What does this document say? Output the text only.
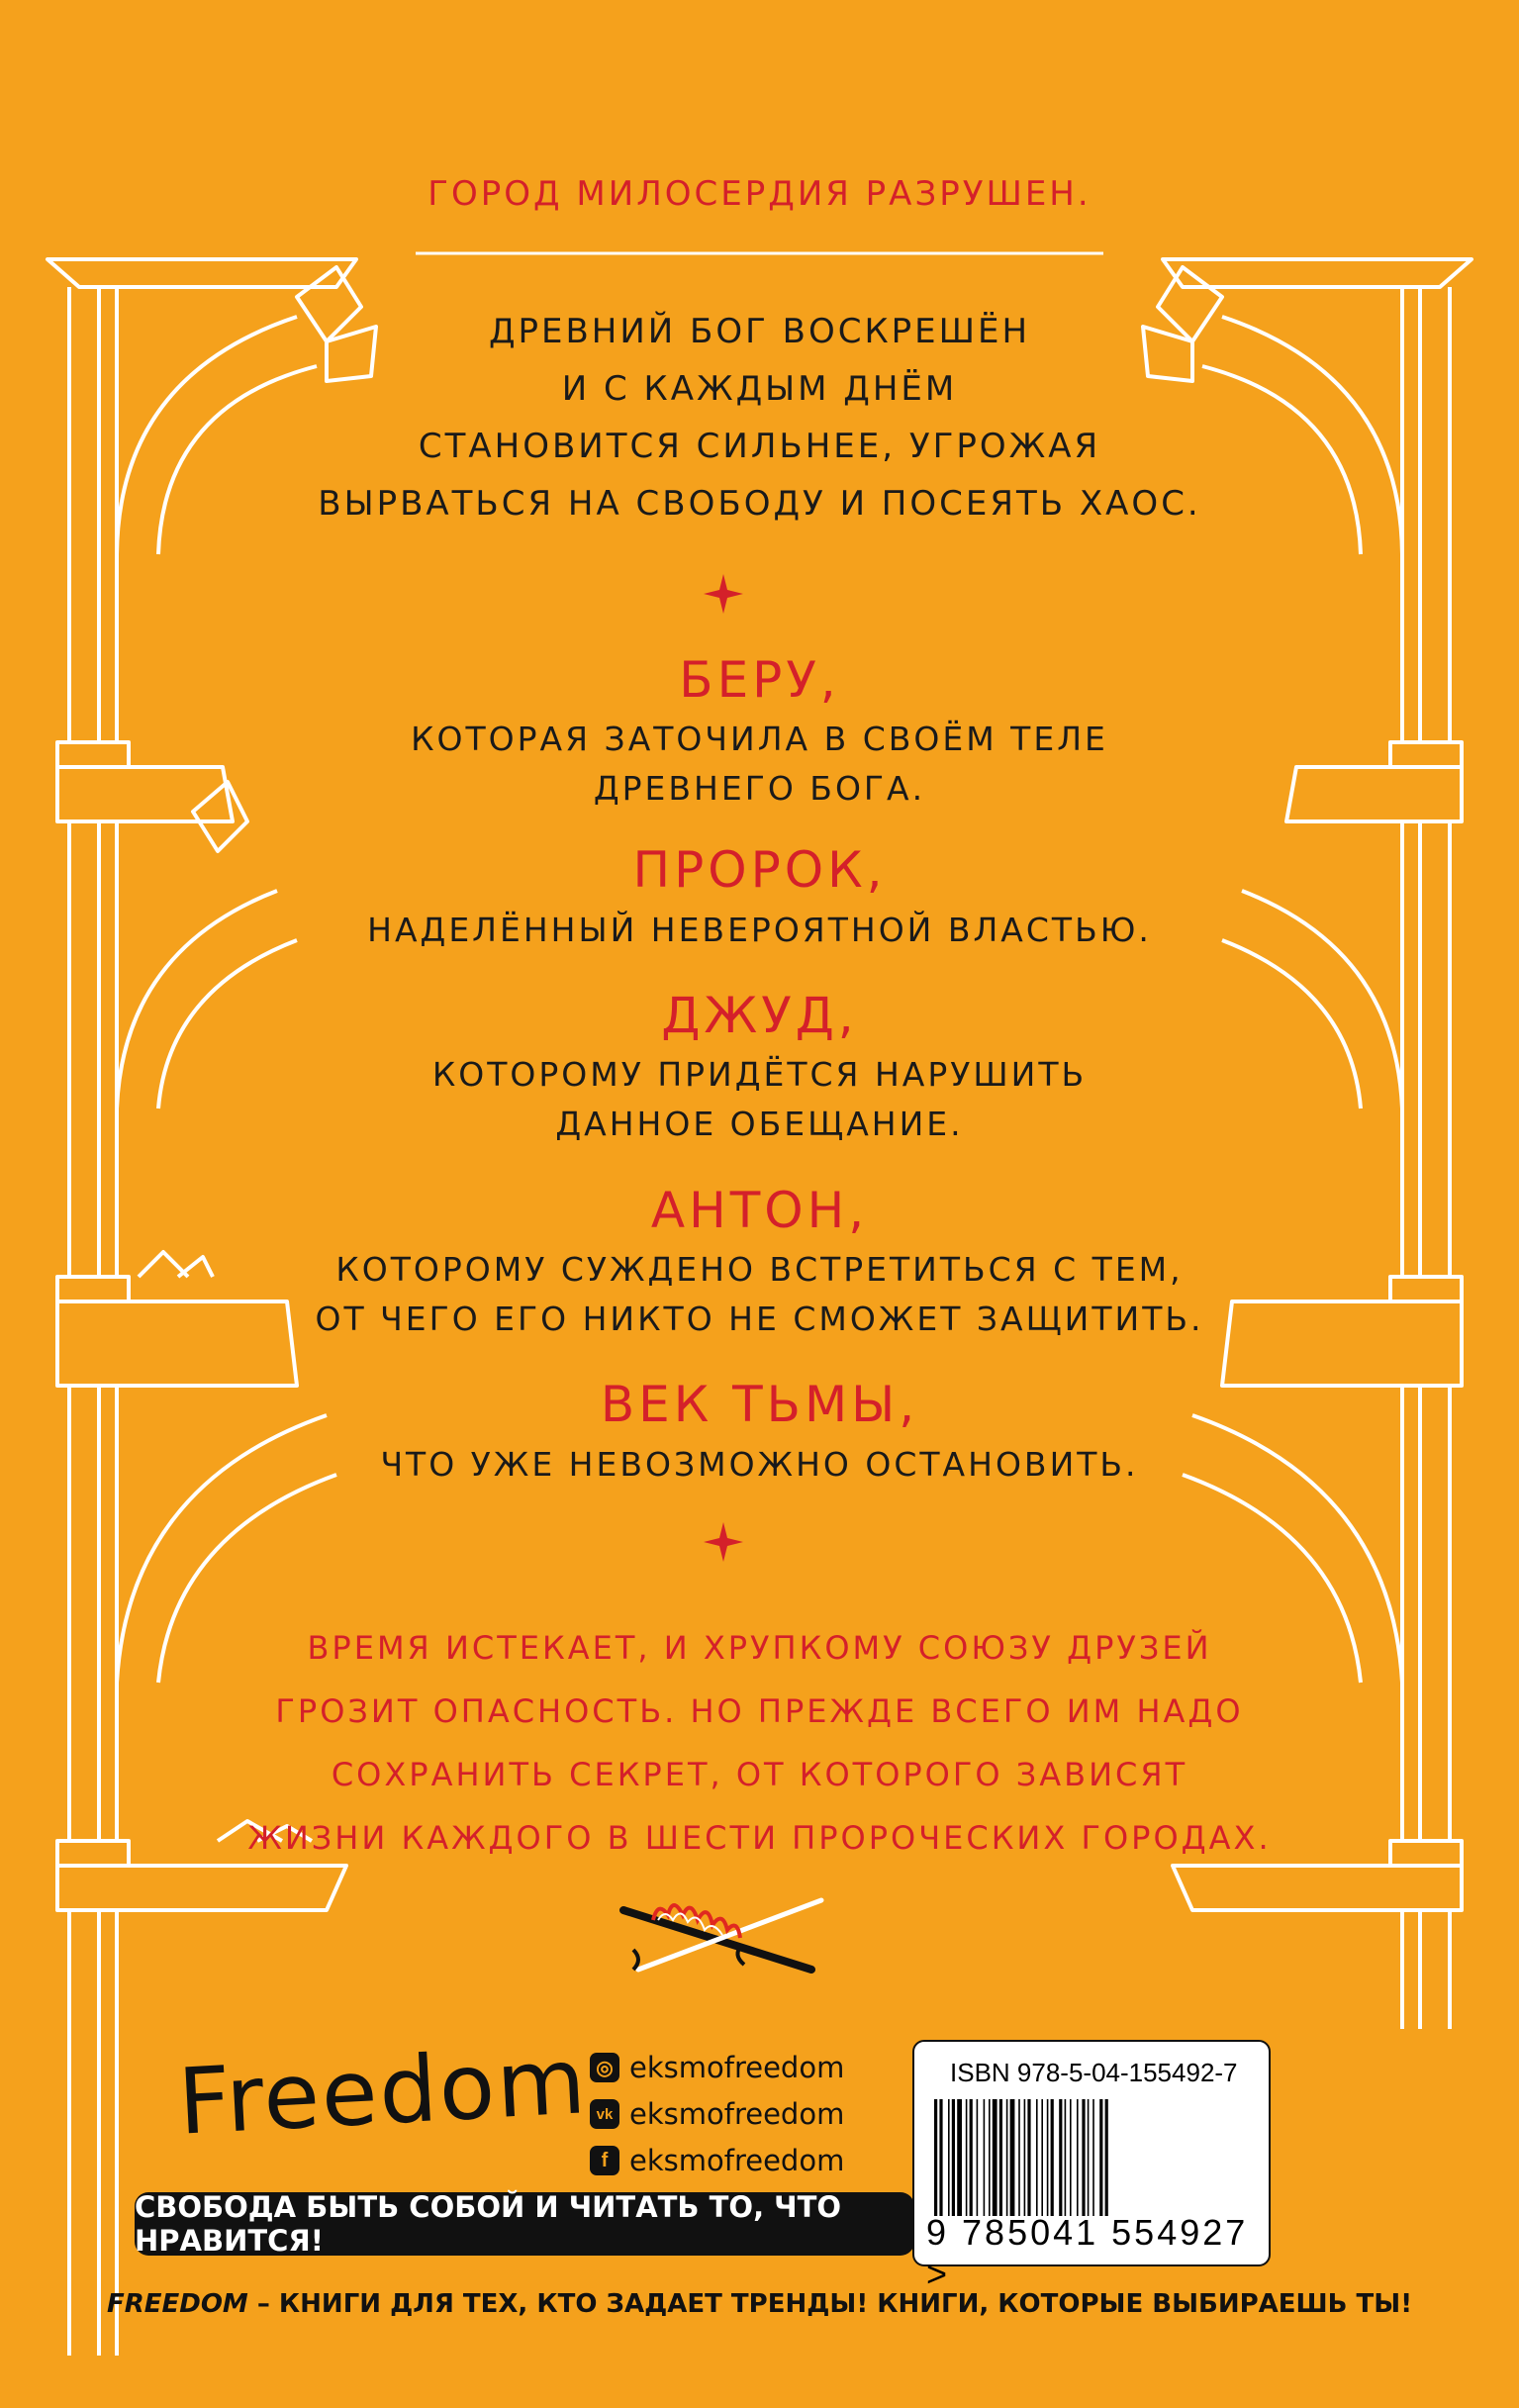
ГОРОД МИЛОСЕРДИЯ РАЗРУШЕН.
ДРЕВНИЙ БОГ ВОСКРЕШЁН
И С КАЖДЫМ ДНЁМ
СТАНОВИТСЯ СИЛЬНЕЕ, УГРОЖАЯ
ВЫРВАТЬСЯ НА СВОБОДУ И ПОСЕЯТЬ ХАОС.
БЕРУ,
КОТОРАЯ ЗАТОЧИЛА В СВОЁМ ТЕЛЕ
ДРЕВНЕГО БОГА.
ПРОРОК,
НАДЕЛЁННЫЙ НЕВЕРОЯТНОЙ ВЛАСТЬЮ.
ДЖУД,
КОТОРОМУ ПРИДЁТСЯ НАРУШИТЬ
ДАННОЕ ОБЕЩАНИЕ.
АНТОН,
КОТОРОМУ СУЖДЕНО ВСТРЕТИТЬСЯ С ТЕМ,
ОТ ЧЕГО ЕГО НИКТО НЕ СМОЖЕТ ЗАЩИТИТЬ.
ВЕК ТЬМЫ,
ЧТО УЖЕ НЕВОЗМОЖНО ОСТАНОВИТЬ.
ВРЕМЯ ИСТЕКАЕТ, И ХРУПКОМУ СОЮЗУ ДРУЗЕЙ
ГРОЗИТ ОПАСНОСТЬ. НО ПРЕЖДЕ ВСЕГО ИМ НАДО
СОХРАНИТЬ СЕКРЕТ, ОТ КОТОРОГО ЗАВИСЯТ
ЖИЗНИ КАЖДОГО В ШЕСТИ ПРОРОЧЕСКИХ ГОРОДАХ.
Freedom ◎ eksmofreedom
vk eksmofreedom
f eksmofreedom
СВОБОДА БЫТЬ СОБОЙ И ЧИТАТЬ ТО, ЧТО НРАВИТСЯ!
ISBN 978-5-04-155492-7
9 785041 554927 >
FREEDOM – КНИГИ ДЛЯ ТЕХ, КТО ЗАДАЕТ ТРЕНДЫ! КНИГИ, КОТОРЫЕ ВЫБИРАЕШЬ ТЫ!
